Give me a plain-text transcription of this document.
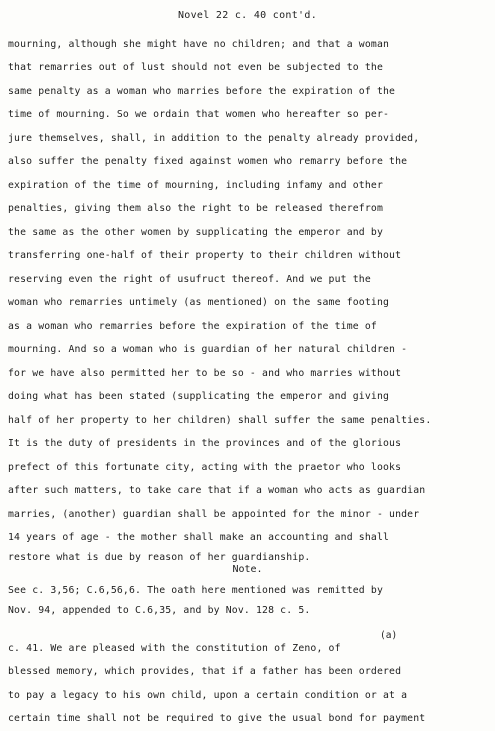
Novel 22 c. 40 cont'd.
mourning, although she might have no children; and that a woman
that remarries out of lust should not even be subjected to the
same penalty as a woman who marries before the expiration of the
time of mourning. So we ordain that women who hereafter so per-
jure themselves, shall, in addition to the penalty already provided,
also suffer the penalty fixed against women who remarry before the
expiration of the time of mourning, including infamy and other
penalties, giving them also the right to be released therefrom
the same as the other women by supplicating the emperor and by
transferring one-half of their property to their children without
reserving even the right of usufruct thereof. And we put the
woman who remarries untimely (as mentioned) on the same footing
as a woman who remarries before the expiration of the time of
mourning. And so a woman who is guardian of her natural children -
for we have also permitted her to be so - and who marries without
doing what has been stated (supplicating the emperor and giving
half of her property to her children) shall suffer the same penalties.
It is the duty of presidents in the provinces and of the glorious
prefect of this fortunate city, acting with the praetor who looks
after such matters, to take care that if a woman who acts as guardian
marries, (another) guardian shall be appointed for the minor - under
14 years of age - the mother shall make an accounting and shall
restore what is due by reason of her guardianship.
Note.
See c. 3,56; C.6,56,6. The oath here mentioned was remitted by
Nov. 94, appended to C.6,35, and by Nov. 128 c. 5.
(a)
c. 41. We are pleased with the constitution of Zeno, of
blessed memory, which provides, that if a father has been ordered
to pay a legacy to his own child, upon a certain condition or at a
certain time shall not be required to give the usual bond for payment
